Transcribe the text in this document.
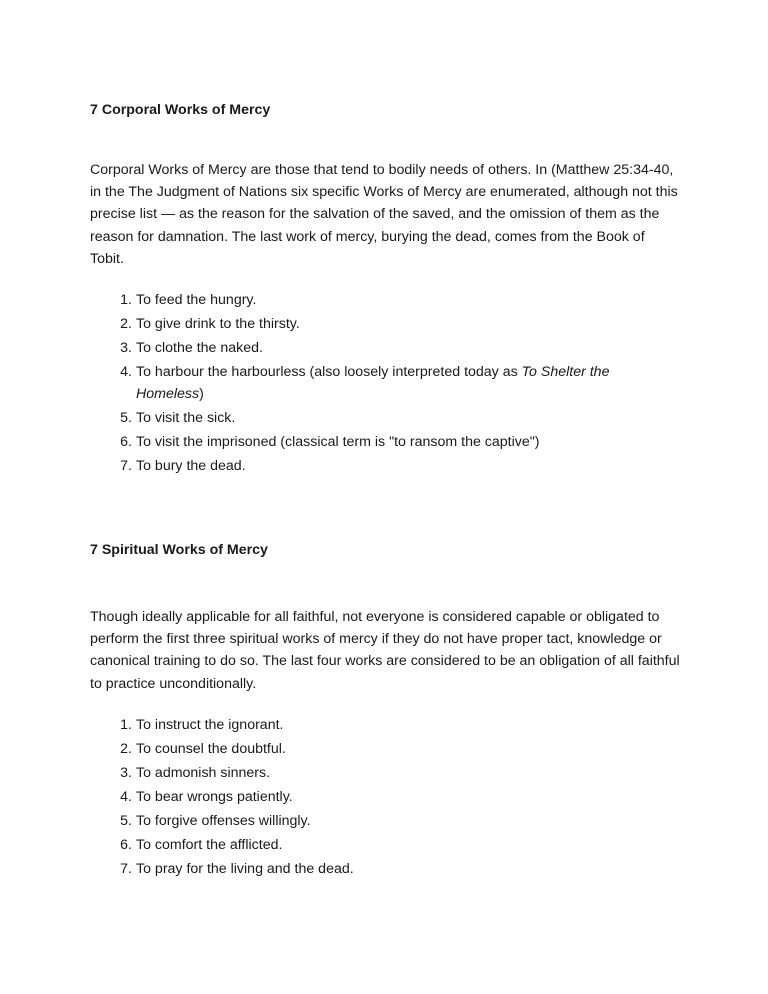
7 Corporal Works of Mercy

Corporal Works of Mercy are those that tend to bodily needs of others. In (Matthew 25:34-40, in the The Judgment of Nations six specific Works of Mercy are enumerated, although not this precise list — as the reason for the salvation of the saved, and the omission of them as the reason for damnation. The last work of mercy, burying the dead, comes from the Book of Tobit.

1 . To feed the hungry.
2 . To give drink to the thirsty.
3 . To clothe the naked.
4 . To harbour the harbourless (also loosely interpreted today as To Shelter the Homeless)
5 . To visit the sick.
6 . To visit the imprisoned (classical term is "to ransom the captive")
7 . To bury the dead.
7 Spiritual Works of Mercy

Though ideally applicable for all faithful, not everyone is considered capable or obligated to perform the first three spiritual works of mercy if they do not have proper tact, knowledge or canonical training to do so. The last four works are considered to be an obligation of all faithful to practice unconditionally.

1 . To instruct the ignorant.
2 . To counsel the doubtful.
3 . To admonish sinners.
4 . To bear wrongs patiently.
5 . To forgive offenses willingly.
6 . To comfort the afflicted.
7 . To pray for the living and the dead.
